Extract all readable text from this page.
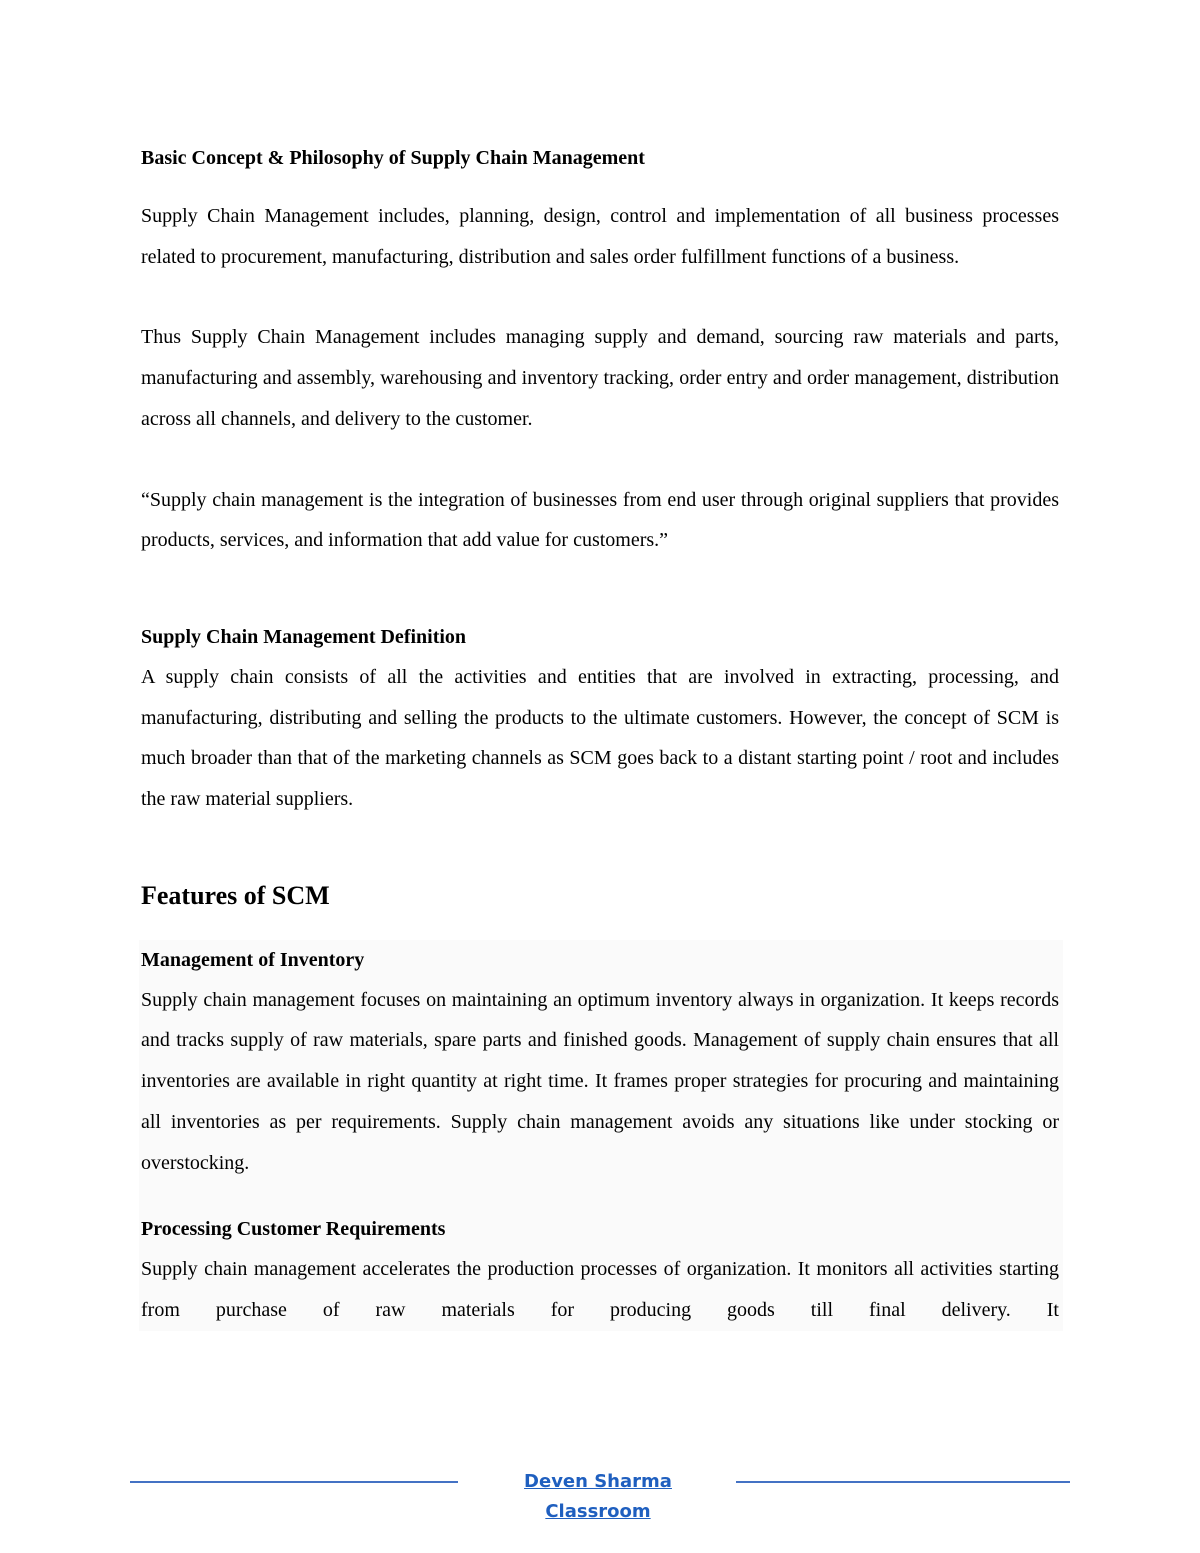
Basic Concept & Philosophy of Supply Chain Management

Supply Chain Management includes, planning, design, control and implementation of all business processes related to procurement, manufacturing, distribution and sales order fulfillment functions of a business.

Thus Supply Chain Management includes managing supply and demand, sourcing raw materials and parts, manufacturing and assembly, warehousing and inventory tracking, order entry and order management, distribution across all channels, and delivery to the customer.

“Supply chain management is the integration of businesses from end user through original suppliers that provides products, services, and information that add value for customers.”

Supply Chain Management Definition

A supply chain consists of all the activities and entities that are involved in extracting, processing, and manufacturing, distributing and selling the products to the ultimate customers. However, the concept of SCM is much broader than that of the marketing channels as SCM goes back to a distant starting point / root and includes the raw material suppliers.

Features of SCM

Management of Inventory

Supply chain management focuses on maintaining an optimum inventory always in organization. It keeps records and tracks supply of raw materials, spare parts and finished goods. Management of supply chain ensures that all inventories are available in right quantity at right time. It frames proper strategies for procuring and maintaining all inventories as per requirements. Supply chain management avoids any situations like under stocking or overstocking.

Processing Customer Requirements

Supply chain management accelerates the production processes of organization. It monitors all activities starting from purchase of raw materials for producing goods till final delivery. It

Deven Sharma Classroom
